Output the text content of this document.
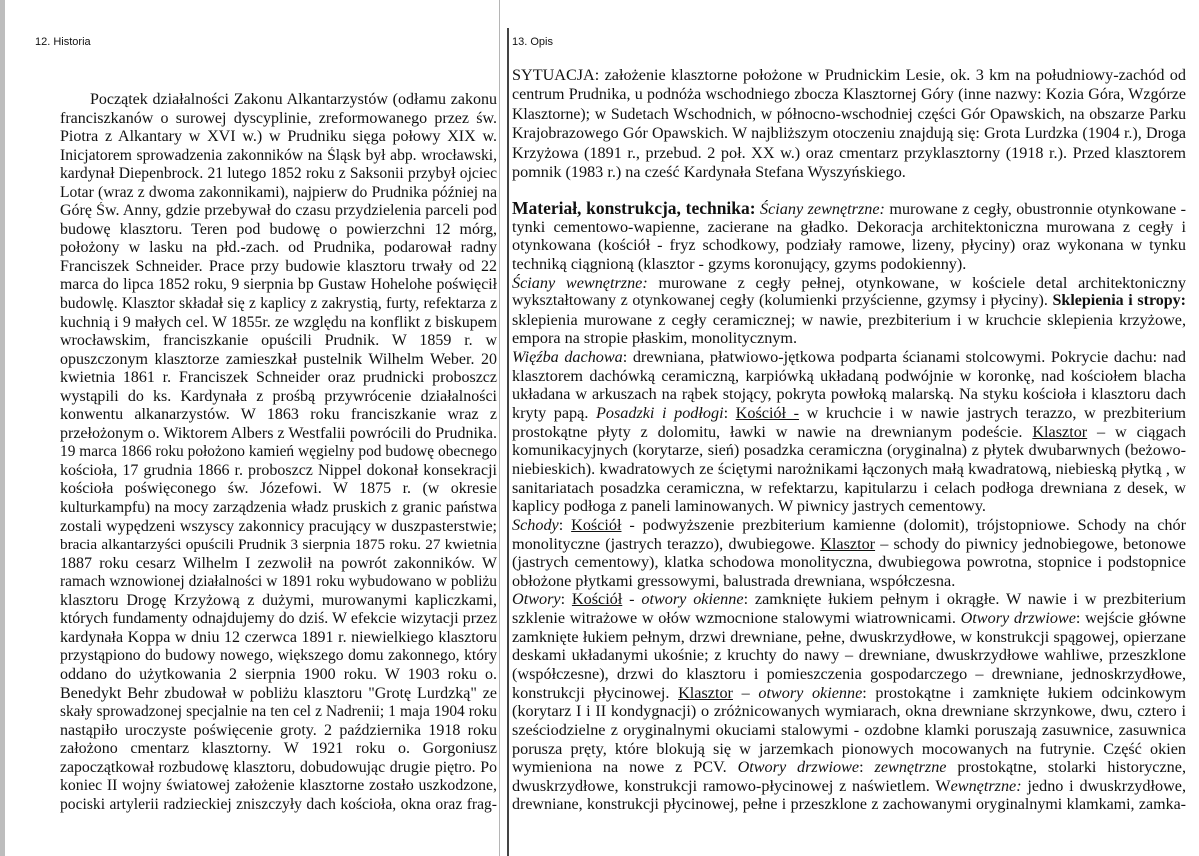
12. Historia	13. Opis
Początek działalności Zakonu Alkantarzystów (odłamu zakonu
franciszkanów o surowej dyscyplinie, zreformowanego przez św.
Piotra z Alkantary w XVI w.) w Prudniku sięga połowy XIX w.
Inicjatorem sprowadzenia zakonników na Śląsk był abp. wrocławski,
kardynał Diepenbrock. 21 lutego 1852 roku z Saksonii przybył ojciec
Lotar (wraz z dwoma zakonnikami), najpierw do Prudnika później na
Górę Św. Anny, gdzie przebywał do czasu przydzielenia parceli pod
budowę klasztoru. Teren pod budowę o powierzchni 12 mórg,
położony w lasku na płd.-zach. od Prudnika, podarował radny
Franciszek Schneider. Prace przy budowie klasztoru trwały od 22
marca do lipca 1852 roku, 9 sierpnia bp Gustaw Hohelohe poświęcił
budowlę. Klasztor składał się z kaplicy z zakrystią, furty, refektarza z
kuchnią i 9 małych cel. W 1855r. ze względu na konflikt z biskupem
wrocławskim, franciszkanie opuścili Prudnik. W 1859 r. w
opuszczonym klasztorze zamieszkał pustelnik Wilhelm Weber. 20
kwietnia 1861 r. Franciszek Schneider oraz prudnicki proboszcz
wystąpili do ks. Kardynała z prośbą przywrócenie działalności
konwentu alkanarzystów. W 1863 roku franciszkanie wraz z
przełożonym o. Wiktorem Albers z Westfalii powrócili do Prudnika.
19 marca 1866 roku położono kamień węgielny pod budowę obecnego
kościoła, 17 grudnia 1866 r. proboszcz Nippel dokonał konsekracji
kościoła poświęconego św. Józefowi. W 1875 r. (w okresie
kulturkampfu) na mocy zarządzenia władz pruskich z granic państwa
zostali wypędzeni wszyscy zakonnicy pracujący w duszpasterstwie;
bracia alkantarzyści opuścili Prudnik 3 sierpnia 1875 roku. 27 kwietnia
1887 roku cesarz Wilhelm I zezwolił na powrót zakonników. W
ramach wznowionej działalności w 1891 roku wybudowano w pobliżu
klasztoru Drogę Krzyżową z dużymi, murowanymi kapliczkami,
których fundamenty odnajdujemy do dziś. W efekcie wizytacji przez
kardynała Koppa w dniu 12 czerwca 1891 r. niewielkiego klasztoru
przystąpiono do budowy nowego, większego domu zakonnego, który
oddano do użytkowania 2 sierpnia 1900 roku. W 1903 roku o.
Benedykt Behr zbudował w pobliżu klasztoru "Grotę Lurdzką" ze
skały sprowadzonej specjalnie na ten cel z Nadrenii; 1 maja 1904 roku
nastąpiło uroczyste poświęcenie groty. 2 października 1918 roku
założono cmentarz klasztorny. W 1921 roku o. Gorgoniusz
zapoczątkował rozbudowę klasztoru, dobudowując drugie piętro. Po
koniec II wojny światowej założenie klasztorne zostało uszkodzone,
pociski artylerii radzieckiej zniszczyły dach kościoła, okna oraz frag-
SYTUACJA: założenie klasztorne położone w Prudnickim Lesie, ok. 3 km na południowy-zachód od
centrum Prudnika, u podnóża wschodniego zbocza Klasztornej Góry (inne nazwy: Kozia Góra, Wzgórze
Klasztorne); w Sudetach Wschodnich, w północno-wschodniej części Gór Opawskich, na obszarze Parku
Krajobrazowego Gór Opawskich. W najbliższym otoczeniu znajdują się: Grota Lurdzka (1904 r.), Droga
Krzyżowa (1891 r., przebud. 2 poł. XX w.) oraz cmentarz przyklasztorny (1918 r.). Przed klasztorem
pomnik (1983 r.) na cześć Kardynała Stefana Wyszyńskiego.
Materiał, konstrukcja, technika: Ściany zewnętrzne: murowane z cegły, obustronnie otynkowane -
tynki cementowo-wapienne, zacierane na gładko. Dekoracja architektoniczna murowana z cegły i
otynkowana (kościół - fryz schodkowy, podziały ramowe, lizeny, płyciny) oraz wykonana w tynku
techniką ciągnioną (klasztor - gzyms koronujący, gzyms podokienny).
Ściany wewnętrzne: murowane z cegły pełnej, otynkowane, w kościele detal architektoniczny
wykształtowany z otynkowanej cegły (kolumienki przyścienne, gzymsy i płyciny). Sklepienia i stropy:
sklepienia murowane z cegły ceramicznej; w nawie, prezbiterium i w kruchcie sklepienia krzyżowe,
empora na stropie płaskim, monolitycznym.
Więźba dachowa: drewniana, płatwiowo-jętkowa podparta ścianami stolcowymi. Pokrycie dachu: nad
klasztorem dachówką ceramiczną, karpiówką układaną podwójnie w koronkę, nad kościołem blacha
układana w arkuszach na rąbek stojący, pokryta powłoką malarską. Na styku kościoła i klasztoru dach
kryty papą. Posadzki i podłogi: Kościół - w kruchcie i w nawie jastrych terazzo, w prezbiterium
prostokątne płyty z dolomitu, ławki w nawie na drewnianym podeście. Klasztor – w ciągach
komunikacyjnych (korytarze, sień) posadzka ceramiczna (oryginalna) z płytek dwubarwnych (beżowo-
niebieskich). kwadratowych ze ściętymi narożnikami łączonych małą kwadratową, niebieską płytką , w
sanitariatach posadzka ceramiczna, w refektarzu, kapitularzu i celach podłoga drewniana z desek, w
kaplicy podłoga z paneli laminowanych. W piwnicy jastrych cementowy.
Schody: Kościół - podwyższenie prezbiterium kamienne (dolomit), trójstopniowe. Schody na chór
monolityczne (jastrych terazzo), dwubiegowe. Klasztor – schody do piwnicy jednobiegowe, betonowe
(jastrych cementowy), klatka schodowa monolityczna, dwubiegowa powrotna, stopnice i podstopnice
obłożone płytkami gressowymi, balustrada drewniana, współczesna.
Otwory: Kościół - otwory okienne: zamknięte łukiem pełnym i okrągłe. W nawie i w prezbiterium
szklenie witrażowe w ołów wzmocnione stalowymi wiatrownicami. Otwory drzwiowe: wejście główne
zamknięte łukiem pełnym, drzwi drewniane, pełne, dwuskrzydłowe, w konstrukcji spągowej, opierzane
deskami układanymi ukośnie; z kruchty do nawy – drewniane, dwuskrzydłowe wahliwe, przeszklone
(współczesne), drzwi do klasztoru i pomieszczenia gospodarczego – drewniane, jednoskrzydłowe,
konstrukcji płycinowej. Klasztor – otwory okienne: prostokątne i zamknięte łukiem odcinkowym
(korytarz I i II kondygnacji) o zróżnicowanych wymiarach, okna drewniane skrzynkowe, dwu, cztero i
sześciodzielne z oryginalnymi okuciami stalowymi - ozdobne klamki poruszają zasuwnice, zasuwnica
porusza pręty, które blokują się w jarzemkach pionowych mocowanych na futrynie. Część okien
wymieniona na nowe z PCV. Otwory drzwiowe: zewnętrzne prostokątne, stolarki historyczne,
dwuskrzydłowe, konstrukcji ramowo-płycinowej z naświetlem. Wewnętrzne: jedno i dwuskrzydłowe,
drewniane, konstrukcji płycinowej, pełne i przeszklone z zachowanymi oryginalnymi klamkami, zamka-
